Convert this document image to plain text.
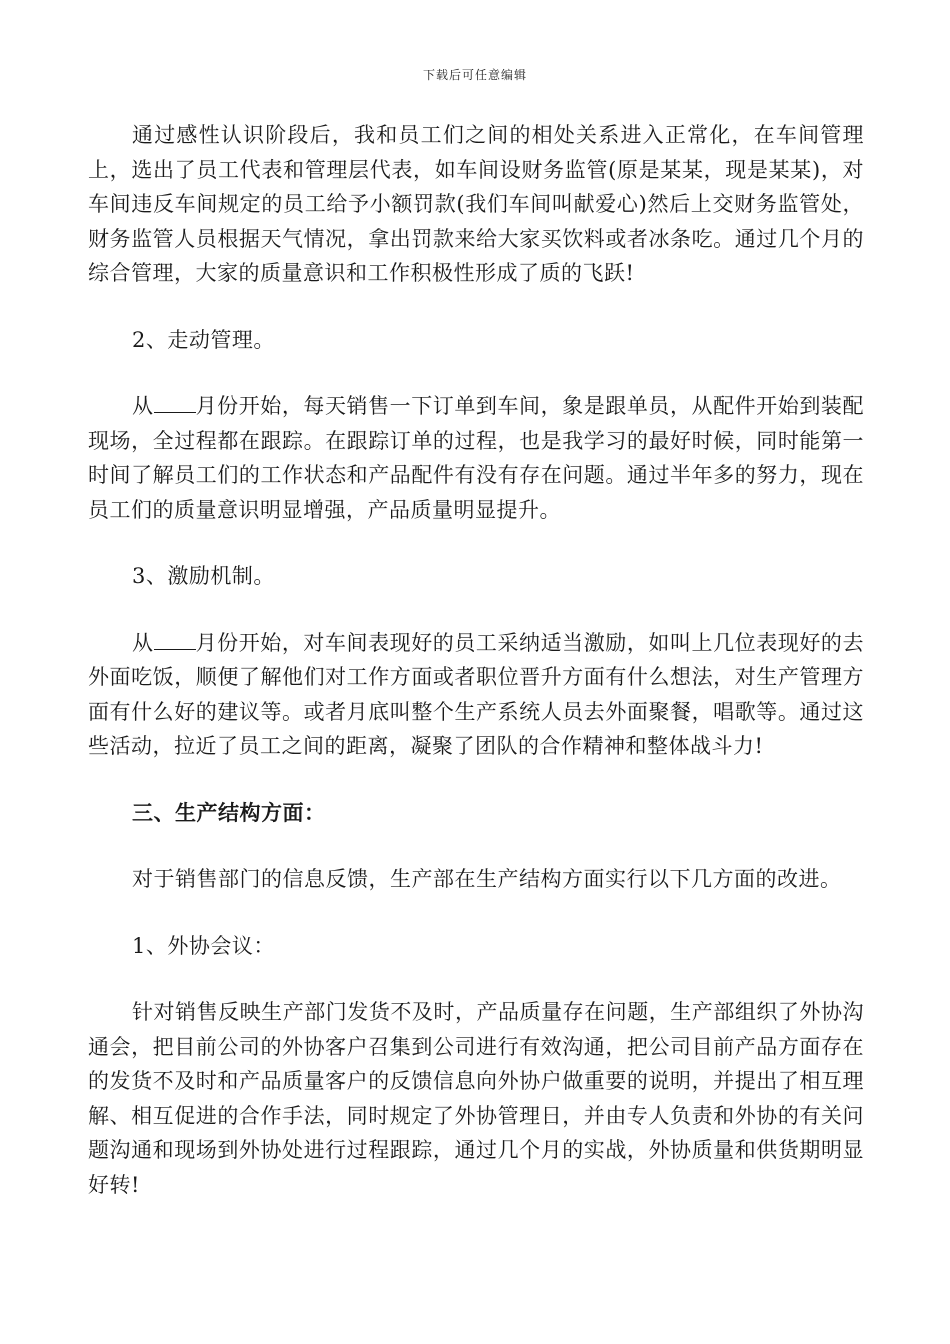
下载后可任意编辑

通过感性认识阶段后，我和员工们之间的相处关系进入正常化，在车间管理上，选出了员工代表和管理层代表，如车间设财务监管(原是某某，现是某某)，对车间违反车间规定的员工给予小额罚款(我们车间叫献爱心)然后上交财务监管处，财务监管人员根据天气情况，拿出罚款来给大家买饮料或者冰条吃。通过几个月的综合管理，大家的质量意识和工作积极性形成了质的飞跃!

2、走动管理。

从 月份开始，每天销售一下订单到车间，象是跟单员，从配件开始到装配现场，全过程都在跟踪。在跟踪订单的过程，也是我学习的最好时候，同时能第一时间了解员工们的工作状态和产品配件有没有存在问题。通过半年多的努力，现在员工们的质量意识明显增强，产品质量明显提升。

3、激励机制。

从 月份开始，对车间表现好的员工采纳适当激励，如叫上几位表现好的去外面吃饭，顺便了解他们对工作方面或者职位晋升方面有什么想法，对生产管理方面有什么好的建议等。或者月底叫整个生产系统人员去外面聚餐，唱歌等。通过这些活动，拉近了员工之间的距离，凝聚了团队的合作精神和整体战斗力!

三、生产结构方面：

对于销售部门的信息反馈，生产部在生产结构方面实行以下几方面的改进。

1、外协会议：

针对销售反映生产部门发货不及时，产品质量存在问题，生产部组织了外协沟通会，把目前公司的外协客户召集到公司进行有效沟通，把公司目前产品方面存在的发货不及时和产品质量客户的反馈信息向外协户做重要的说明，并提出了相互理解、相互促进的合作手法，同时规定了外协管理日，并由专人负责和外协的有关问题沟通和现场到外协处进行过程跟踪，通过几个月的实战，外协质量和供货期明显好转!
